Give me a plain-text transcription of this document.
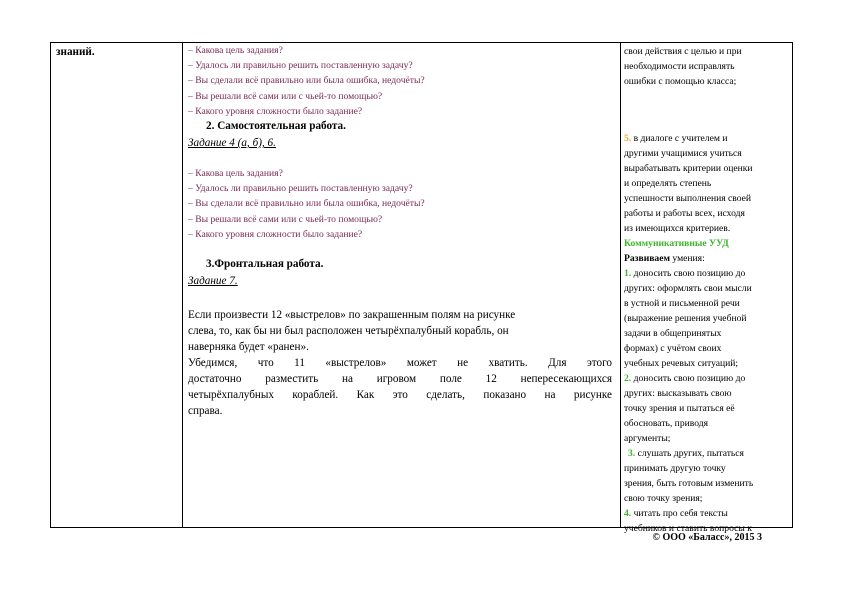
знаний.	– Какова цель задания?
– Удалось ли правильно решить поставленную задачу?
– Вы сделали всё правильно или была ошибка, недочёты?
– Вы решали всё сами или с чьей-то помощью?
– Какого уровня сложности было задание?
2. Самостоятельная работа.
Задание 4 (а, б), 6.
– Какова цель задания?
– Удалось ли правильно решить поставленную задачу?
– Вы сделали всё правильно или была ошибка, недочёты?
– Вы решали всё сами или с чьей-то помощью?
– Какого уровня сложности было задание?
3.Фронтальная работа.
Задание 7.
Если произвести 12 «выстрелов» по закрашенным полям на рисунке
слева, то, как бы ни был расположен четырёхпалубный корабль, он
наверняка будет «ранен».
Убедимся, что 11 «выстрелов» может не хватить. Для этого
достаточно разместить на игровом поле 12 непересекающихся
четырёхпалубных кораблей. Как это сделать, показано на рисунке
справа.
свои действия с целью и при
необходимости исправлять
ошибки с помощью класса;
5. в диалоге с учителем и
другими учащимися учиться
вырабатывать критерии оценки
и определять степень
успешности выполнения своей
работы и работы всех, исходя
из имеющихся критериев.
Коммуникативные УУД
Развиваем умения:
1. доносить свою позицию до
других: оформлять свои мысли
в устной и письменной речи
(выражение решения учебной
задачи в общепринятых
формах) с учётом своих
учебных речевых ситуаций;
2. доносить свою позицию до
других: высказывать свою
точку зрения и пытаться её
обосновать, приводя
аргументы;
3. слушать других, пытаться
принимать другую точку
зрения, быть готовым изменить
свою точку зрения;
4. читать про себя тексты
учебников и ставить вопросы к
© ООО «Баласс», 2015 3
